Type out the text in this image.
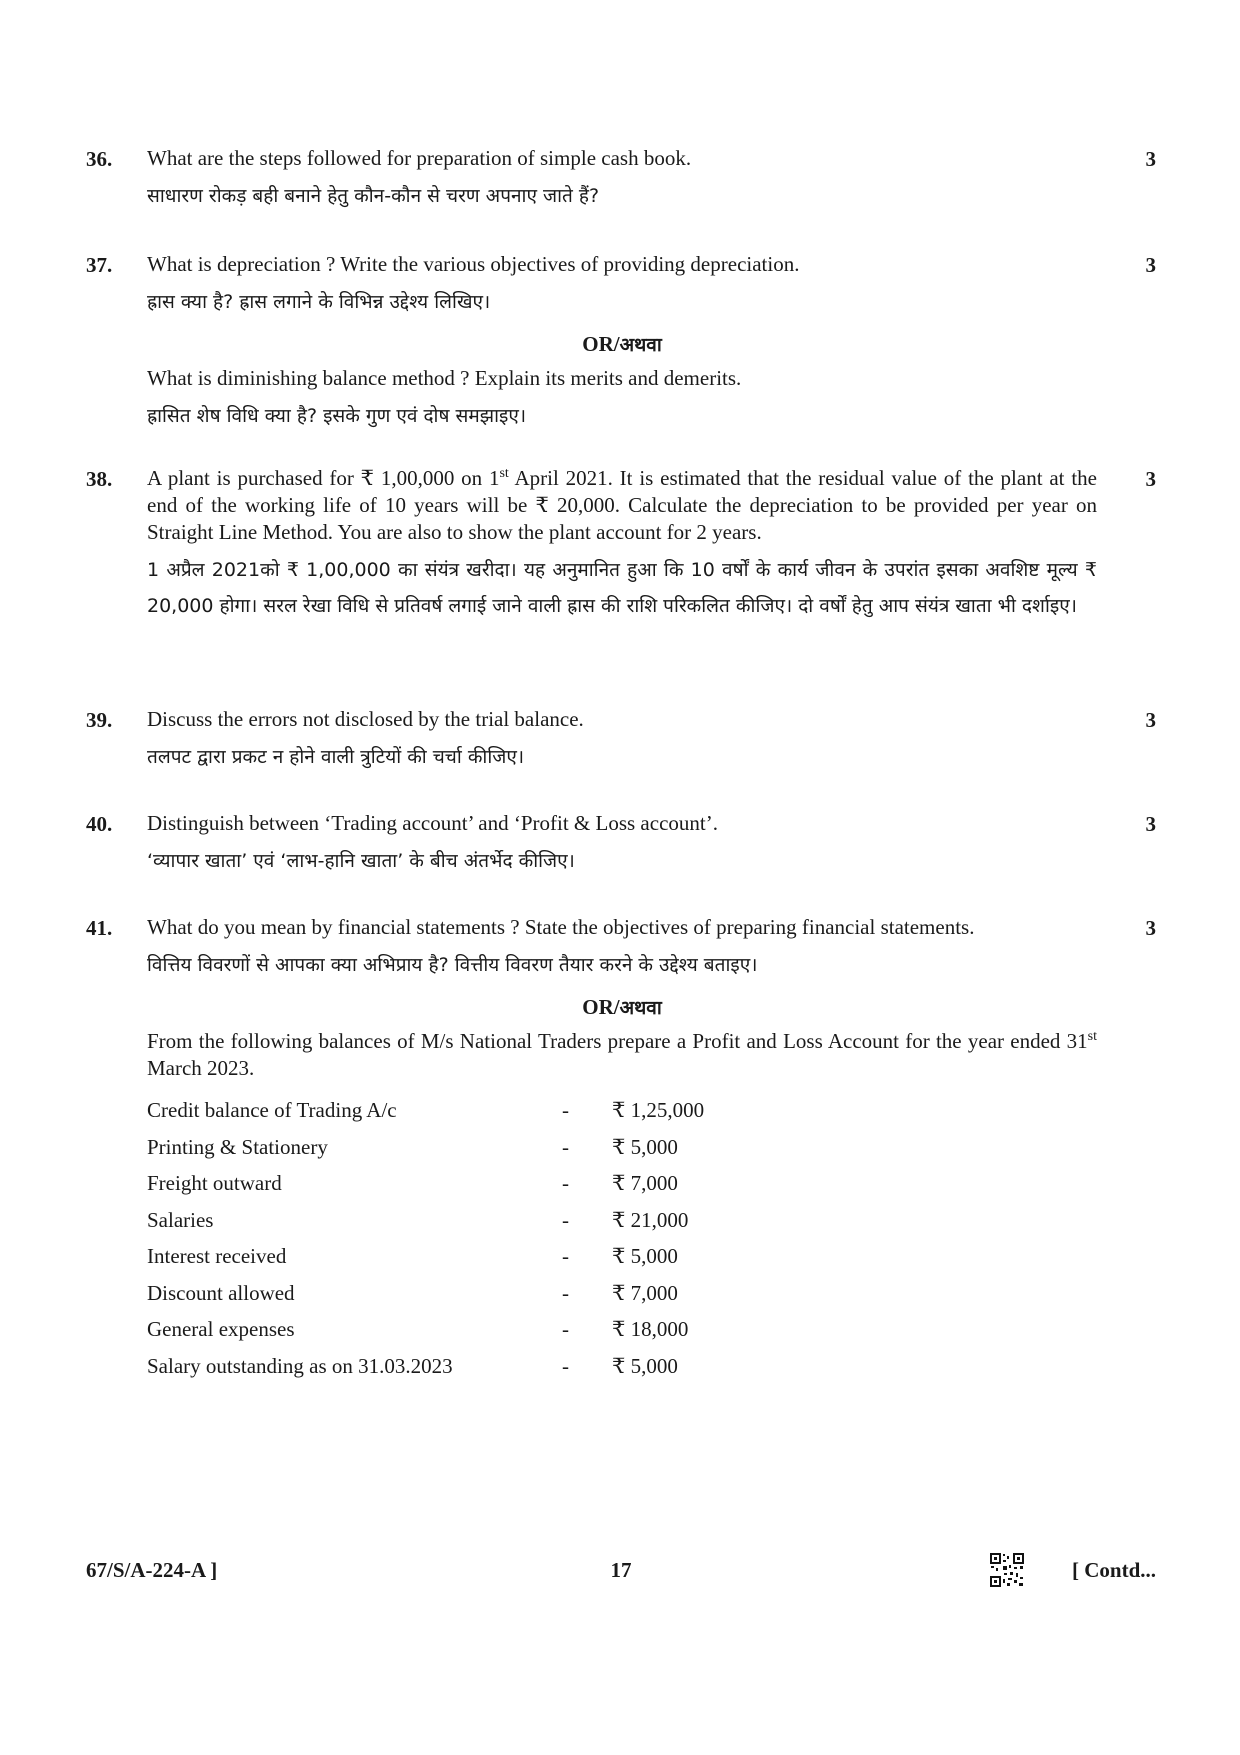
36.	3

What are the steps followed for preparation of simple cash book.

साधारण रोकड़ बही बनाने हेतु कौन-कौन से चरण अपनाए जाते हैं?

37.	3

What is depreciation ? Write the various objectives of providing depreciation.

ह्रास क्या है? ह्रास लगाने के विभिन्न उद्देश्य लिखिए।

OR/अथवा

What is diminishing balance method ? Explain its merits and demerits.

ह्रासित शेष विधि क्या है? इसके गुण एवं दोष समझाइए।

38.	3

A plant is purchased for ₹ 1,00,000 on 1st April 2021. It is estimated that the residual value of the plant at the end of the working life of 10 years will be ₹ 20,000. Calculate the depreciation to be provided per year on Straight Line Method. You are also to show the plant account for 2 years.

1 अप्रैल 2021को ₹ 1,00,000 का संयंत्र खरीदा। यह अनुमानित हुआ कि 10 वर्षों के कार्य जीवन के उपरांत इसका अवशिष्ट मूल्य ₹ 20,000 होगा। सरल रेखा विधि से प्रतिवर्ष लगाई जाने वाली ह्रास की राशि परिकलित कीजिए। दो वर्षों हेतु आप संयंत्र खाता भी दर्शाइए।

39.	3

Discuss the errors not disclosed by the trial balance.

तलपट द्वारा प्रकट न होने वाली त्रुटियों की चर्चा कीजिए।

40.	3

Distinguish between ‘Trading account’ and ‘Profit & Loss account’.

‘व्यापार खाता’ एवं ‘लाभ-हानि खाता’ के बीच अंतर्भेद कीजिए।

41.	3

What do you mean by financial statements ? State the objectives of preparing financial statements.

वित्तिय विवरणों से आपका क्या अभिप्राय है? वित्तीय विवरण तैयार करने के उद्देश्य बताइए।

OR/अथवा

From the following balances of M/s National Traders prepare a Profit and Loss Account for the year ended 31st March 2023.

Credit balance of Trading A/c	-	₹ 1,25,000
Printing & Stationery	-	₹ 5,000
Freight outward	-	₹ 7,000
Salaries	-	₹ 21,000
Interest received	-	₹ 5,000
Discount allowed	-	₹ 7,000
General expenses	-	₹ 18,000
Salary outstanding as on 31.03.2023	-	₹ 5,000
67/S/A-224-A ]	17	[ Contd...
